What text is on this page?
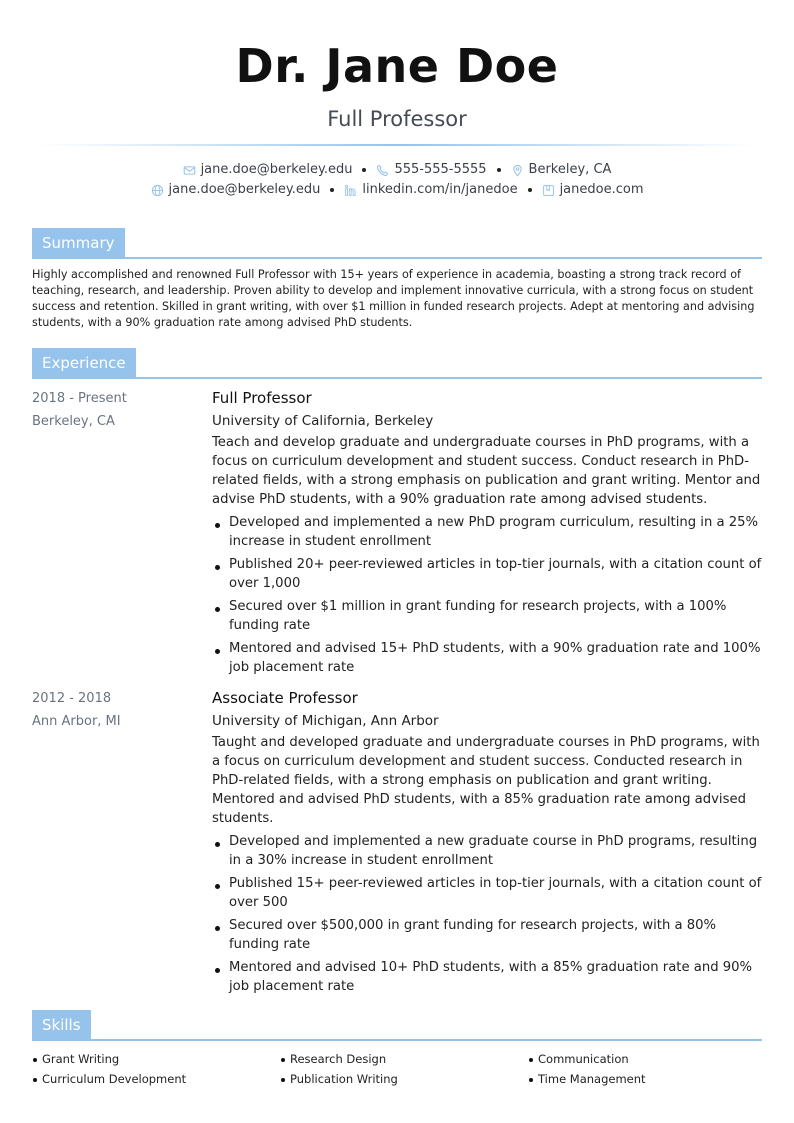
Dr. Jane Doe
Full Professor
jane.doe@berkeley.edu	555-555-5555	Berkeley, CA
jane.doe@berkeley.edu	linkedin.com/in/janedoe	janedoe.com
Summary

Highly accomplished and renowned Full Professor with 15+ years of experience in academia, boasting a strong track record of teaching, research, and leadership. Proven ability to develop and implement innovative curricula, with a strong focus on student success and retention. Skilled in grant writing, with over $1 million in funded research projects. Adept at mentoring and advising students, with a 90% graduation rate among advised PhD students.

Experience
2018 - Present
Berkeley, CA
Full Professor
University of California, Berkeley

Teach and develop graduate and undergraduate courses in PhD programs, with a focus on curriculum development and student success. Conduct research in PhD-related fields, with a strong emphasis on publication and grant writing. Mentor and advise PhD students, with a 90% graduation rate among advised students.

Developed and implemented a new PhD program curriculum, resulting in a 25% increase in student enrollment
Published 20+ peer-reviewed articles in top-tier journals, with a citation count of over 1,000
Secured over $1 million in grant funding for research projects, with a 100% funding rate
Mentored and advised 15+ PhD students, with a 90% graduation rate and 100% job placement rate
2012 - 2018
Ann Arbor, MI
Associate Professor
University of Michigan, Ann Arbor

Taught and developed graduate and undergraduate courses in PhD programs, with a focus on curriculum development and student success. Conducted research in PhD-related fields, with a strong emphasis on publication and grant writing. Mentored and advised PhD students, with a 85% graduation rate among advised students.

Developed and implemented a new graduate course in PhD programs, resulting in a 30% increase in student enrollment
Published 15+ peer-reviewed articles in top-tier journals, with a citation count of over 500
Secured over $500,000 in grant funding for research projects, with a 80% funding rate
Mentored and advised 10+ PhD students, with a 85% graduation rate and 90% job placement rate
Skills
Grant Writing	Research Design	Communication
Curriculum Development	Publication Writing	Time Management
